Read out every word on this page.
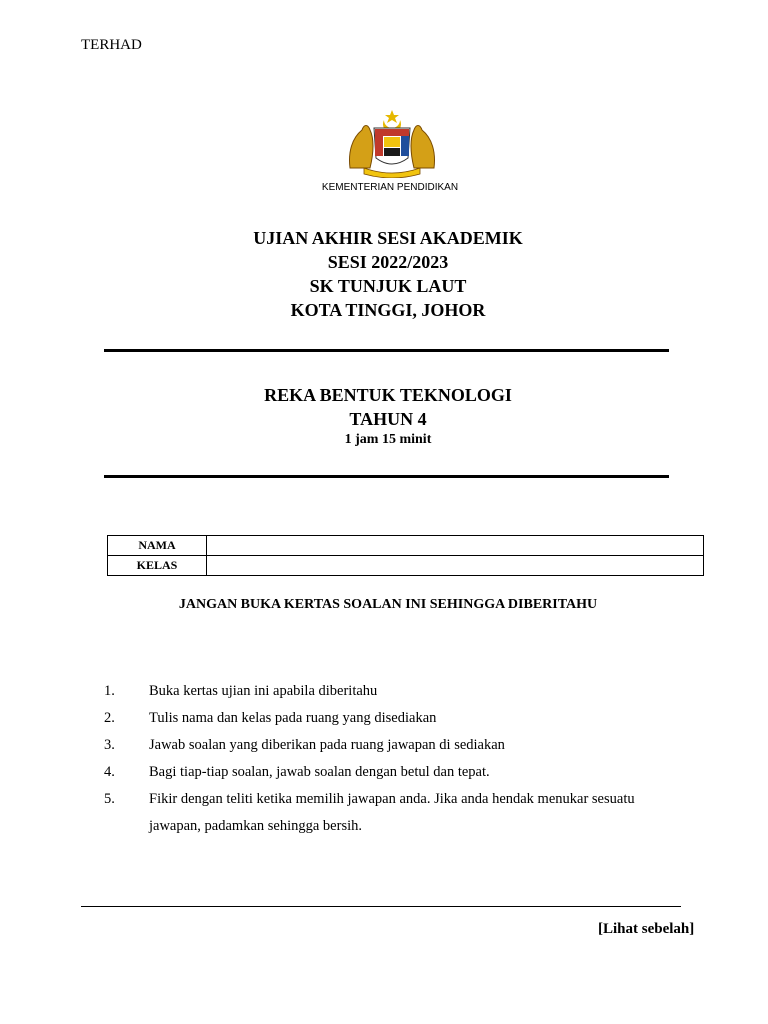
TERHAD
KEMENTERIAN PENDIDIKAN
UJIAN AKHIR SESI AKADEMIK
SESI 2022/2023
SK TUNJUK LAUT
KOTA TINGGI, JOHOR
REKA BENTUK TEKNOLOGI
TAHUN 4
1 jam 15 minit
NAMA	
KELAS	
JANGAN BUKA KERTAS SOALAN INI SEHINGGA DIBERITAHU
1.	Buka kertas ujian ini apabila diberitahu
2.	Tulis nama dan kelas pada ruang yang disediakan
3.	Jawab soalan yang diberikan pada ruang jawapan di sediakan
4.	Bagi tiap-tiap soalan, jawab soalan dengan betul dan tepat.
5.	Fikir dengan teliti ketika memilih jawapan anda. Jika anda hendak menukar sesuatu jawapan, padamkan sehingga bersih.
[Lihat sebelah]
